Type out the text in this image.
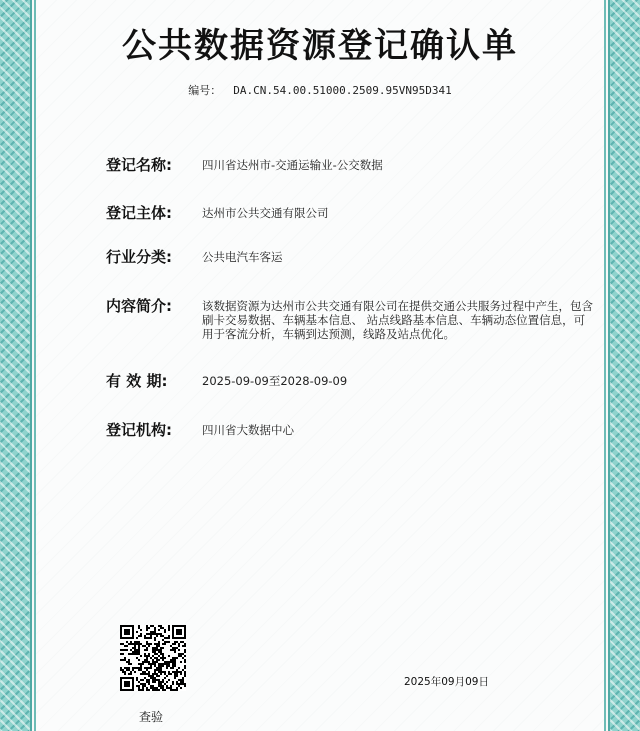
公共数据资源登记确认单
编号： DA.CN.54.00.51000.2509.95VN95D341
登记名称:	四川省达州市-交通运输业-公交数据
登记主体:	达州市公共交通有限公司
行业分类:	公共电汽车客运
内容简介:	该数据资源为达州市公共交通有限公司在提供交通公共服务过程中产生，包含刷卡交易数据、车辆基本信息、 站点线路基本信息、车辆动态位置信息，可用于客流分析，车辆到达预测，线路及站点优化。
有 效 期:	2025-09-09至2028-09-09
登记机构:	四川省大数据中心
查验
2025年09月09日
